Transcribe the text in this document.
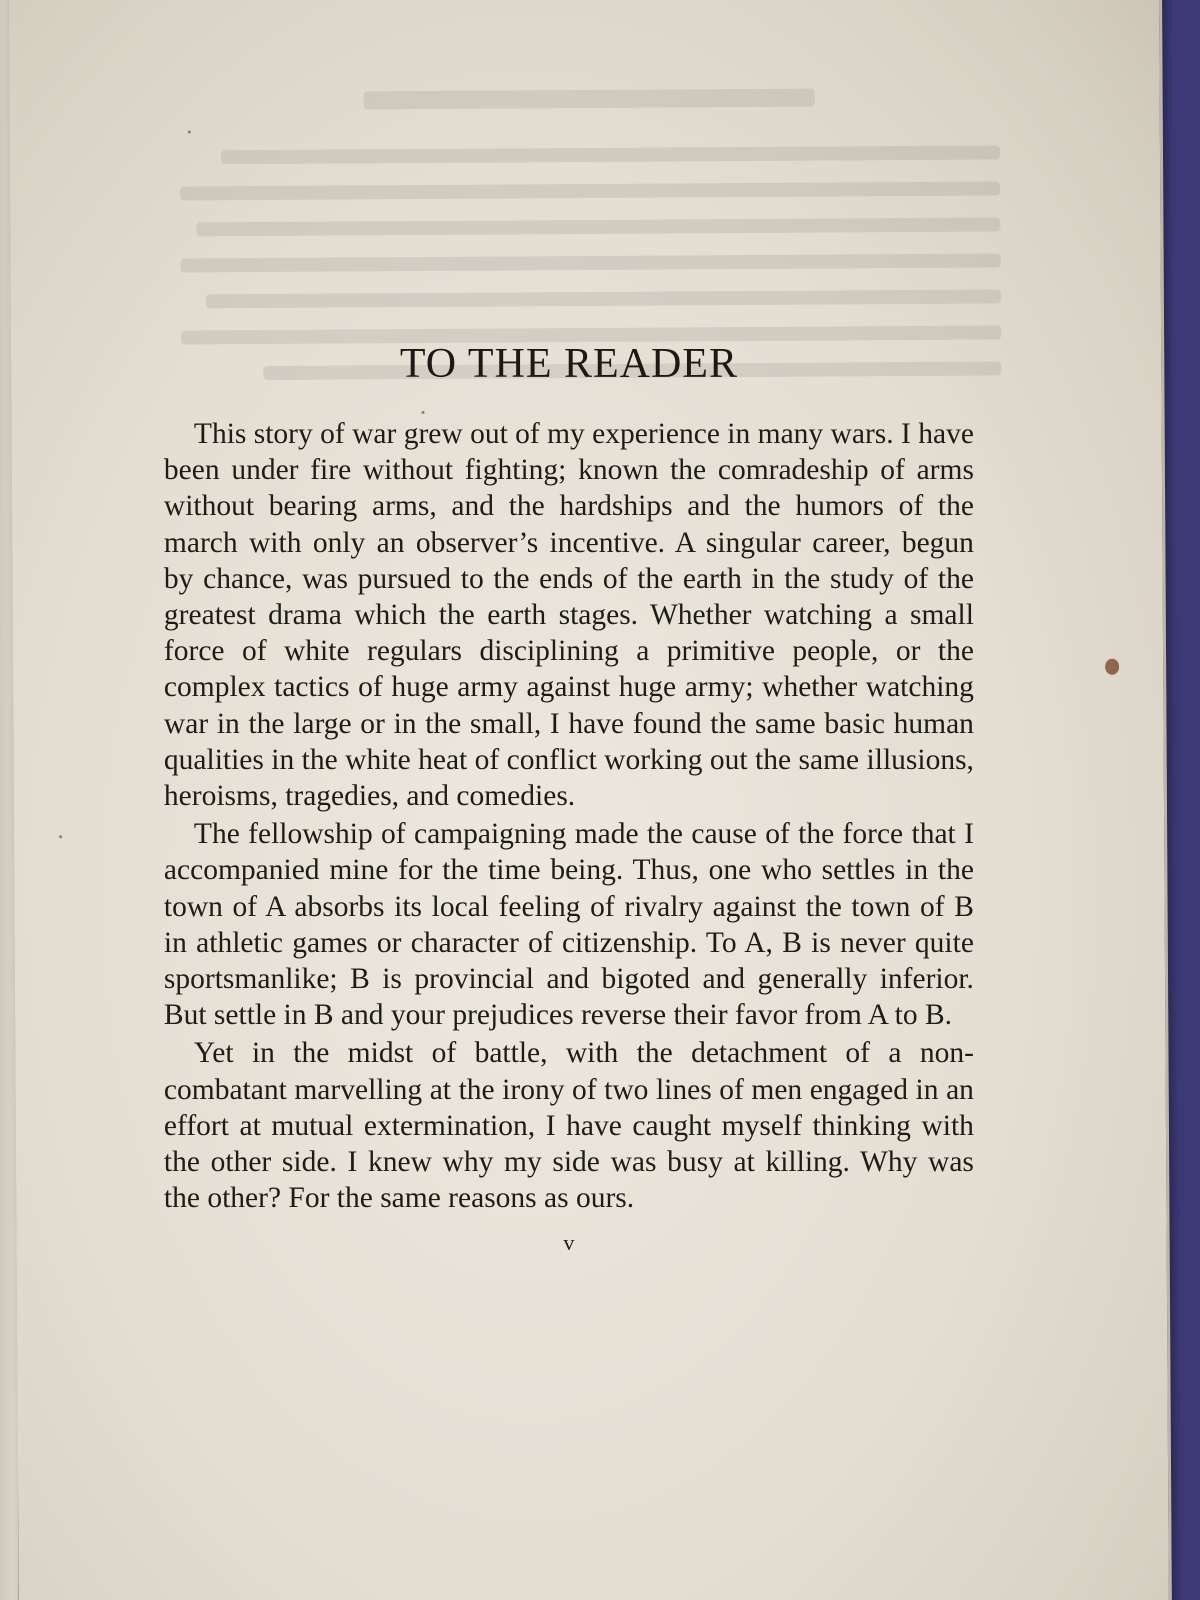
TO THE READER

This story of war grew out of my experience in many wars. I have been under fire without fighting; known the comradeship of arms without bearing arms, and the hardships and the humors of the march with only an observer’s incentive. A singular career, begun by chance, was pursued to the ends of the earth in the study of the greatest drama which the earth stages. Whether watching a small force of white regulars disciplining a primitive people, or the complex tactics of huge army against huge army; whether watching war in the large or in the small, I have found the same basic human qualities in the white heat of conflict working out the same illusions, heroisms, tragedies, and comedies.

The fellowship of campaigning made the cause of the force that I accompanied mine for the time being. Thus, one who settles in the town of A absorbs its local feeling of rivalry against the town of B in athletic games or character of citizenship. To A, B is never quite sportsmanlike; B is provincial and bigoted and generally inferior. But settle in B and your prejudices reverse their favor from A to B.

Yet in the midst of battle, with the detachment of a non-combatant marvelling at the irony of two lines of men engaged in an effort at mutual extermination, I have caught myself thinking with the other side. I knew why my side was busy at killing. Why was the other? For the same reasons as ours.

v
